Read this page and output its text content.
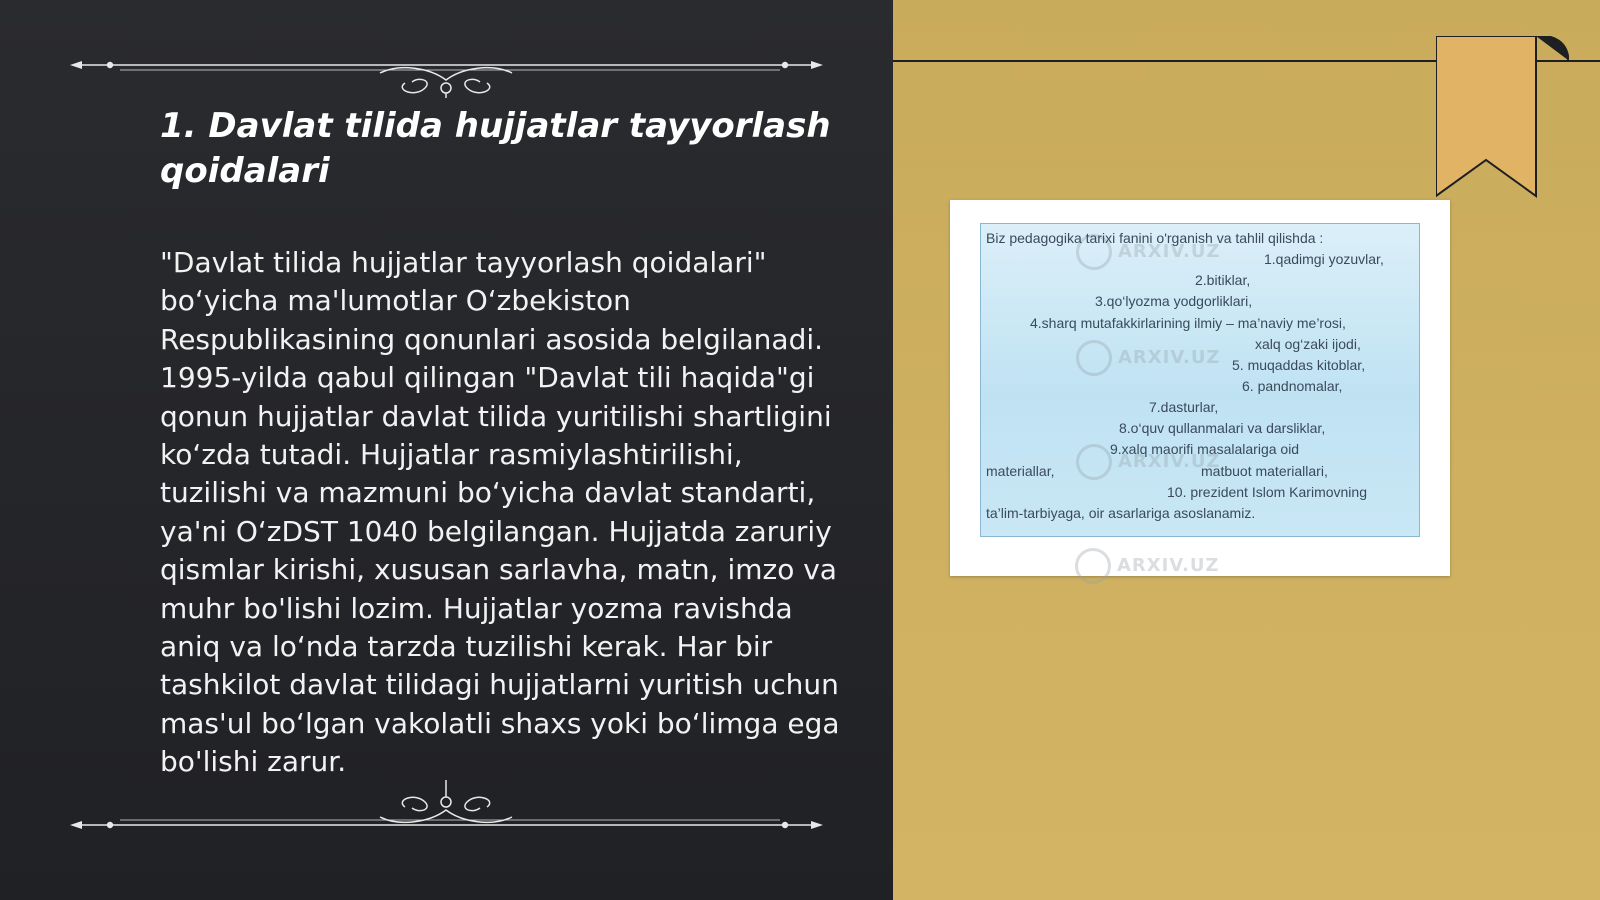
1. Davlat tilida hujjatlar tayyorlash qoidalari

"Davlat tilida hujjatlar tayyorlash qoidalari" bo‘yicha ma'lumotlar O‘zbekiston Respublikasining qonunlari asosida belgilanadi. 1995-yilda qabul qilingan "Davlat tili haqida"gi qonun hujjatlar davlat tilida yuritilishi shartligini ko‘zda tutadi. Hujjatlar rasmiylashtirilishi, tuzilishi va mazmuni bo‘yicha davlat standarti, ya'ni O‘zDST 1040 belgilangan. Hujjatda zaruriy qismlar kirishi, xususan sarlavha, matn, imzo va muhr bo'lishi lozim. Hujjatlar yozma ravishda aniq va lo‘nda tarzda tuzilishi kerak. Har bir tashkilot davlat tilidagi hujjatlarni yuritish uchun mas'ul bo‘lgan vakolatli shaxs yoki bo‘limga ega bo'lishi zarur.

ARXIV.UZ
ARXIV.UZ
ARXIV.UZ
Biz pedagogika tarixi fanini o'rganish va tahlil qilishda :
1.qadimgi yozuvlar,
2.bitiklar,
3.qo‘lyozma yodgorliklari,
4.sharq mutafakkirlarining ilmiy – ma’naviy me’rosi,
xalq og‘zaki ijodi,
5. muqaddas kitoblar,
6. pandnomalar,
7.dasturlar,
8.o‘quv qullanmalari va darsliklar,
9.xalq maorifi masalalariga oid
materiallar,	matbuot materiallari,
10. prezident Islom Karimovning
ta’lim-tarbiyaga, oir asarlariga asoslanamiz.
ARXIV.UZ
